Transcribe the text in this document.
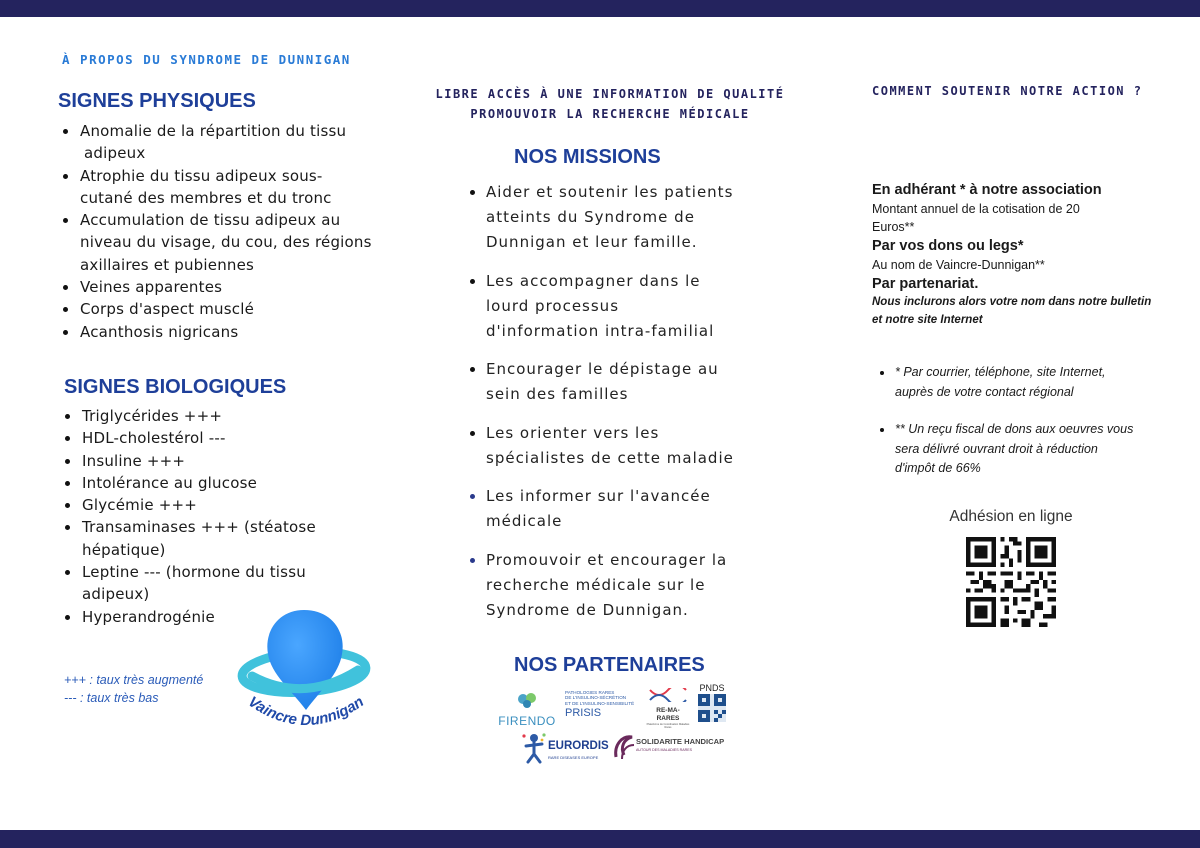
À PROPOS DU SYNDROME DE DUNNIGAN
SIGNES PHYSIQUES
Anomalie de la répartition du tissu
adipeux
Atrophie du tissu adipeux sous-
cutané des membres et du tronc
Accumulation de tissu adipeux au
niveau du visage, du cou, des régions
axillaires et pubiennes
Veines apparentes
Corps d'aspect musclé
Acanthosis nigricans
SIGNES BIOLOGIQUES
Triglycérides +++
HDL-cholestérol ---
Insuline +++
Intolérance au glucose
Glycémie +++
Transaminases +++ (stéatose
hépatique)
Leptine --- (hormone du tissu
adipeux)
Hyperandrogénie
+++ : taux très augmenté
--- : taux très bas	Vaincre Dunnigan
LIBRE ACCÈS À UNE INFORMATION DE QUALITÉ
PROMOUVOIR LA RECHERCHE MÉDICALE
NOS MISSIONS
Aider et soutenir les patients
atteints du Syndrome de
Dunnigan et leur famille.
Les accompagner dans le
lourd processus
d'information intra-familial
Encourager le dépistage au
sein des familles
Les orienter vers les
spécialistes de cette maladie
Les informer sur l'avancée
médicale
Promouvoir et encourager la
recherche médicale sur le
Syndrome de Dunnigan.
NOS PARTENAIRES
FIRENDO
PATHOLOGIES RARES
DE L'INSULINO-SÉCRÉTION
ET DE L'INSULINO-SENSIBILITÉ
PRISIS	RE-MA-RARES
Plateforme de Coordination Maladies Rares
PNDS
EURORDIS
RARE DISEASES EUROPE
SOLIDARITE HANDICAP
AUTOUR DES MALADIES RARES
COMMENT SOUTENIR NOTRE ACTION ?
En adhérant * à notre association
Montant annuel de la cotisation de 20
Euros**
Par vos dons ou legs*
Au nom de Vaincre-Dunnigan**
Par partenariat.
Nous inclurons alors votre nom dans notre bulletin
et notre site Internet
* Par courrier, téléphone, site Internet,
auprès de votre contact régional
** Un reçu fiscal de dons aux oeuvres vous
sera délivré ouvrant droit à réduction
d'impôt de 66%
Adhésion en ligne
